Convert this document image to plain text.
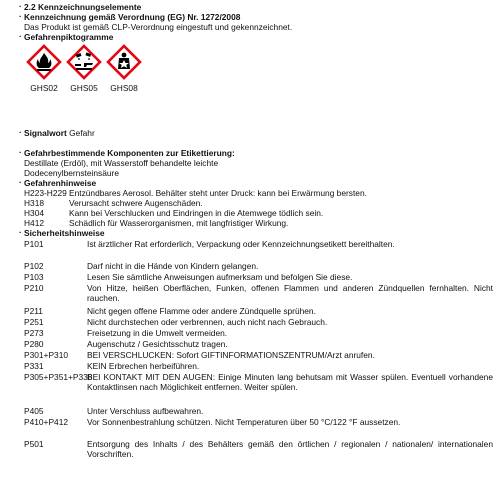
· 2.2 Kennzeichnungselemente
· Kennzeichnung gemäß Verordnung (EG) Nr. 1272/2008
Das Produkt ist gemäß CLP-Verordnung eingestuft und gekennzeichnet.
· Gefahrenpiktogramme
GHS02	GHS05	GHS08
· Signalwort Gefahr
· Gefahrbestimmende Komponenten zur Etikettierung:
Destillate (Erdöl), mit Wasserstoff behandelte leichte
Dodecenylbernsteinsäure
· Gefahrenhinweise
H223-H229 Entzündbares Aerosol. Behälter steht unter Druck: kann bei Erwärmung bersten.
H318	Verursacht schwere Augenschäden.
H304	Kann bei Verschlucken und Eindringen in die Atemwege tödlich sein.
H412	Schädlich für Wasserorganismen, mit langfristiger Wirkung.
· Sicherheitshinweise
P101	Ist ärztlicher Rat erforderlich, Verpackung oder Kennzeichnungsetikett bereithalten.
P102	Darf nicht in die Hände von Kindern gelangen.
P103	Lesen Sie sämtliche Anweisungen aufmerksam und befolgen Sie diese.
P210	Von Hitze, heißen Oberflächen, Funken, offenen Flammen und anderen Zündquellen fernhalten. Nicht rauchen.
P211	Nicht gegen offene Flamme oder andere Zündquelle sprühen.
P251	Nicht durchstechen oder verbrennen, auch nicht nach Gebrauch.
P273	Freisetzung in die Umwelt vermeiden.
P280	Augenschutz / Gesichtsschutz tragen.
P301+P310 BEI VERSCHLUCKEN: Sofort GIFTINFORMATIONSZENTRUM/Arzt anrufen.
P331	KEIN Erbrechen herbeiführen.
P305+P351+P338
BEI KONTAKT MIT DEN AUGEN: Einige Minuten lang behutsam mit Wasser spülen. Eventuell vorhandene Kontaktlinsen nach Möglichkeit entfernen. Weiter spülen.
P405	Unter Verschluss aufbewahren.
P410+P412 Vor Sonnenbestrahlung schützen. Nicht Temperaturen über 50 °C/122 °F aussetzen.
P501	Entsorgung des Inhalts / des Behälters gemäß den örtlichen / regionalen / nationalen/ internationalen Vorschriften.
